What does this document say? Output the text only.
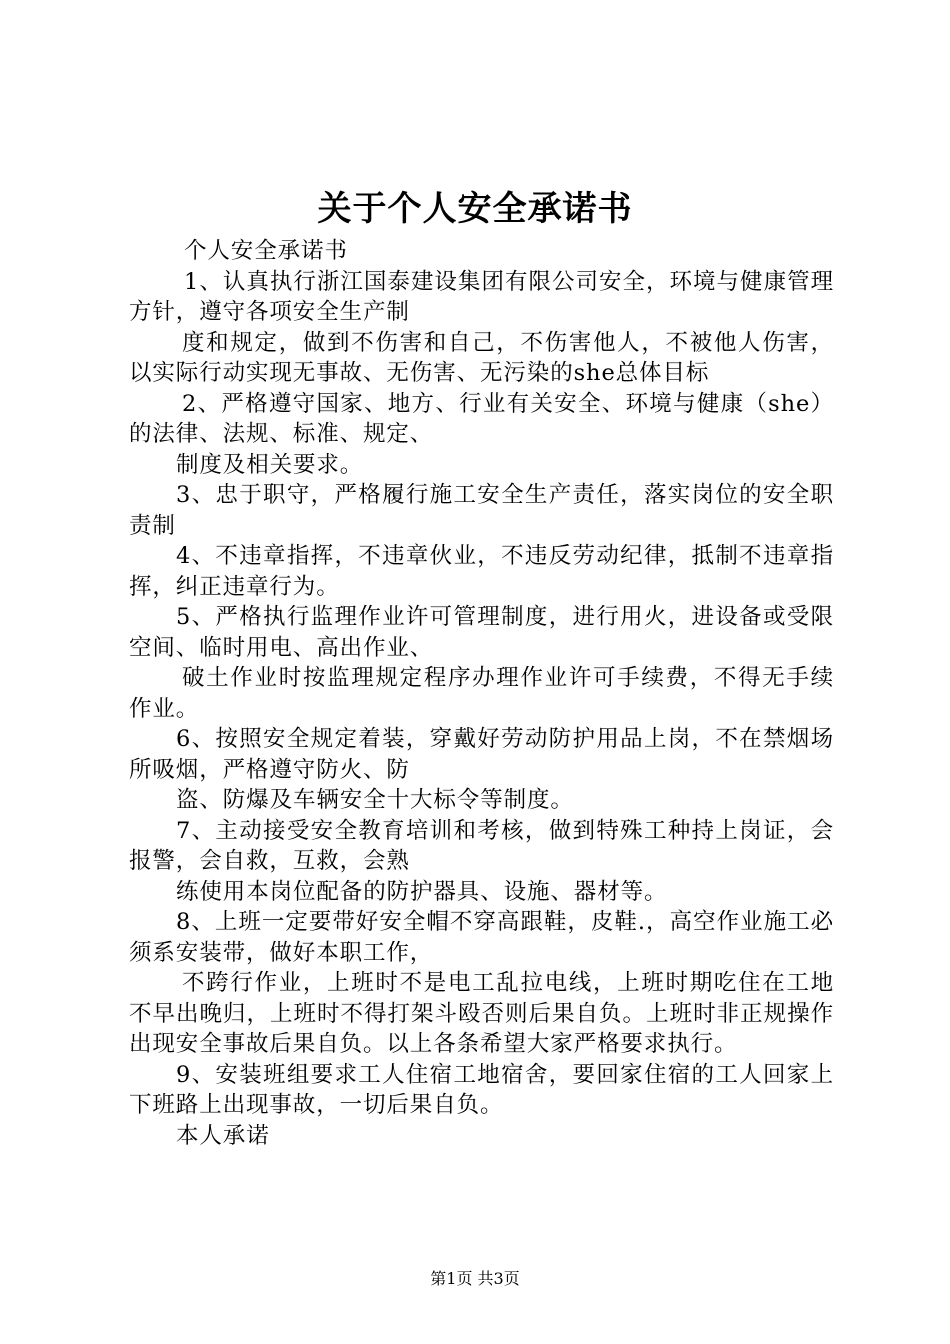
关于个人安全承诺书

个人安全承诺书

1、认真执行浙江国泰建设集团有限公司安全，环境与健康管理方针，遵守各项安全生产制

度和规定，做到不伤害和自己，不伤害他人，不被他人伤害，以实际行动实现无事故、无伤害、无污染的she总体目标

2、严格遵守国家、地方、行业有关安全、环境与健康（she）的法律、法规、标准、规定、

制度及相关要求。

3、忠于职守，严格履行施工安全生产责任，落实岗位的安全职责制

4、不违章指挥，不违章伙业，不违反劳动纪律，抵制不违章指挥，纠正违章行为。

5、严格执行监理作业许可管理制度，进行用火，进设备或受限空间、临时用电、高出作业、

破土作业时按监理规定程序办理作业许可手续费，不得无手续作业。

6、按照安全规定着装，穿戴好劳动防护用品上岗，不在禁烟场所吸烟，严格遵守防火、防

盗、防爆及车辆安全十大标令等制度。

7、主动接受安全教育培训和考核，做到特殊工种持上岗证，会报警，会自救，互救，会熟

练使用本岗位配备的防护器具、设施、器材等。

8、上班一定要带好安全帽不穿高跟鞋，皮鞋.，高空作业施工必须系安装带，做好本职工作，

不跨行作业，上班时不是电工乱拉电线，上班时期吃住在工地不早出晚归，上班时不得打架斗殴否则后果自负。上班时非正规操作出现安全事故后果自负。以上各条希望大家严格要求执行。

9、安装班组要求工人住宿工地宿舍，要回家住宿的工人回家上下班路上出现事故，一切后果自负。

本人承诺

第1页 共3页
